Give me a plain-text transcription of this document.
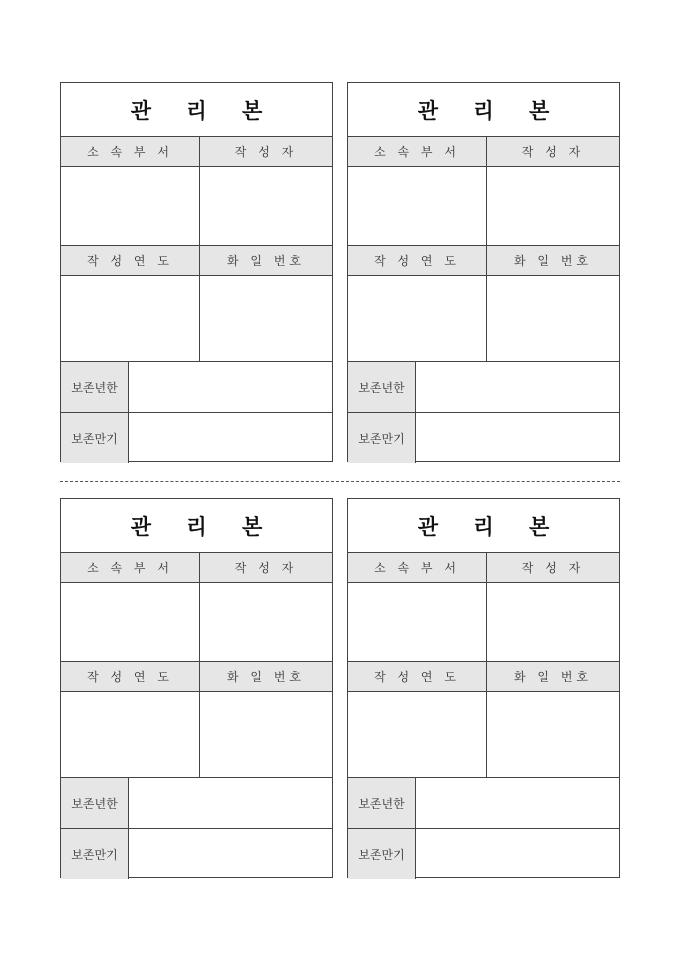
관 리 본
소 속 부 서	작 성 자
작 성 연 도	화 일 번호
보존년한
보존만기
관 리 본
소 속 부 서	작 성 자
작 성 연 도	화 일 번호
보존년한
보존만기
관 리 본
소 속 부 서	작 성 자
작 성 연 도	화 일 번호
보존년한
보존만기
관 리 본
소 속 부 서	작 성 자
작 성 연 도	화 일 번호
보존년한
보존만기
